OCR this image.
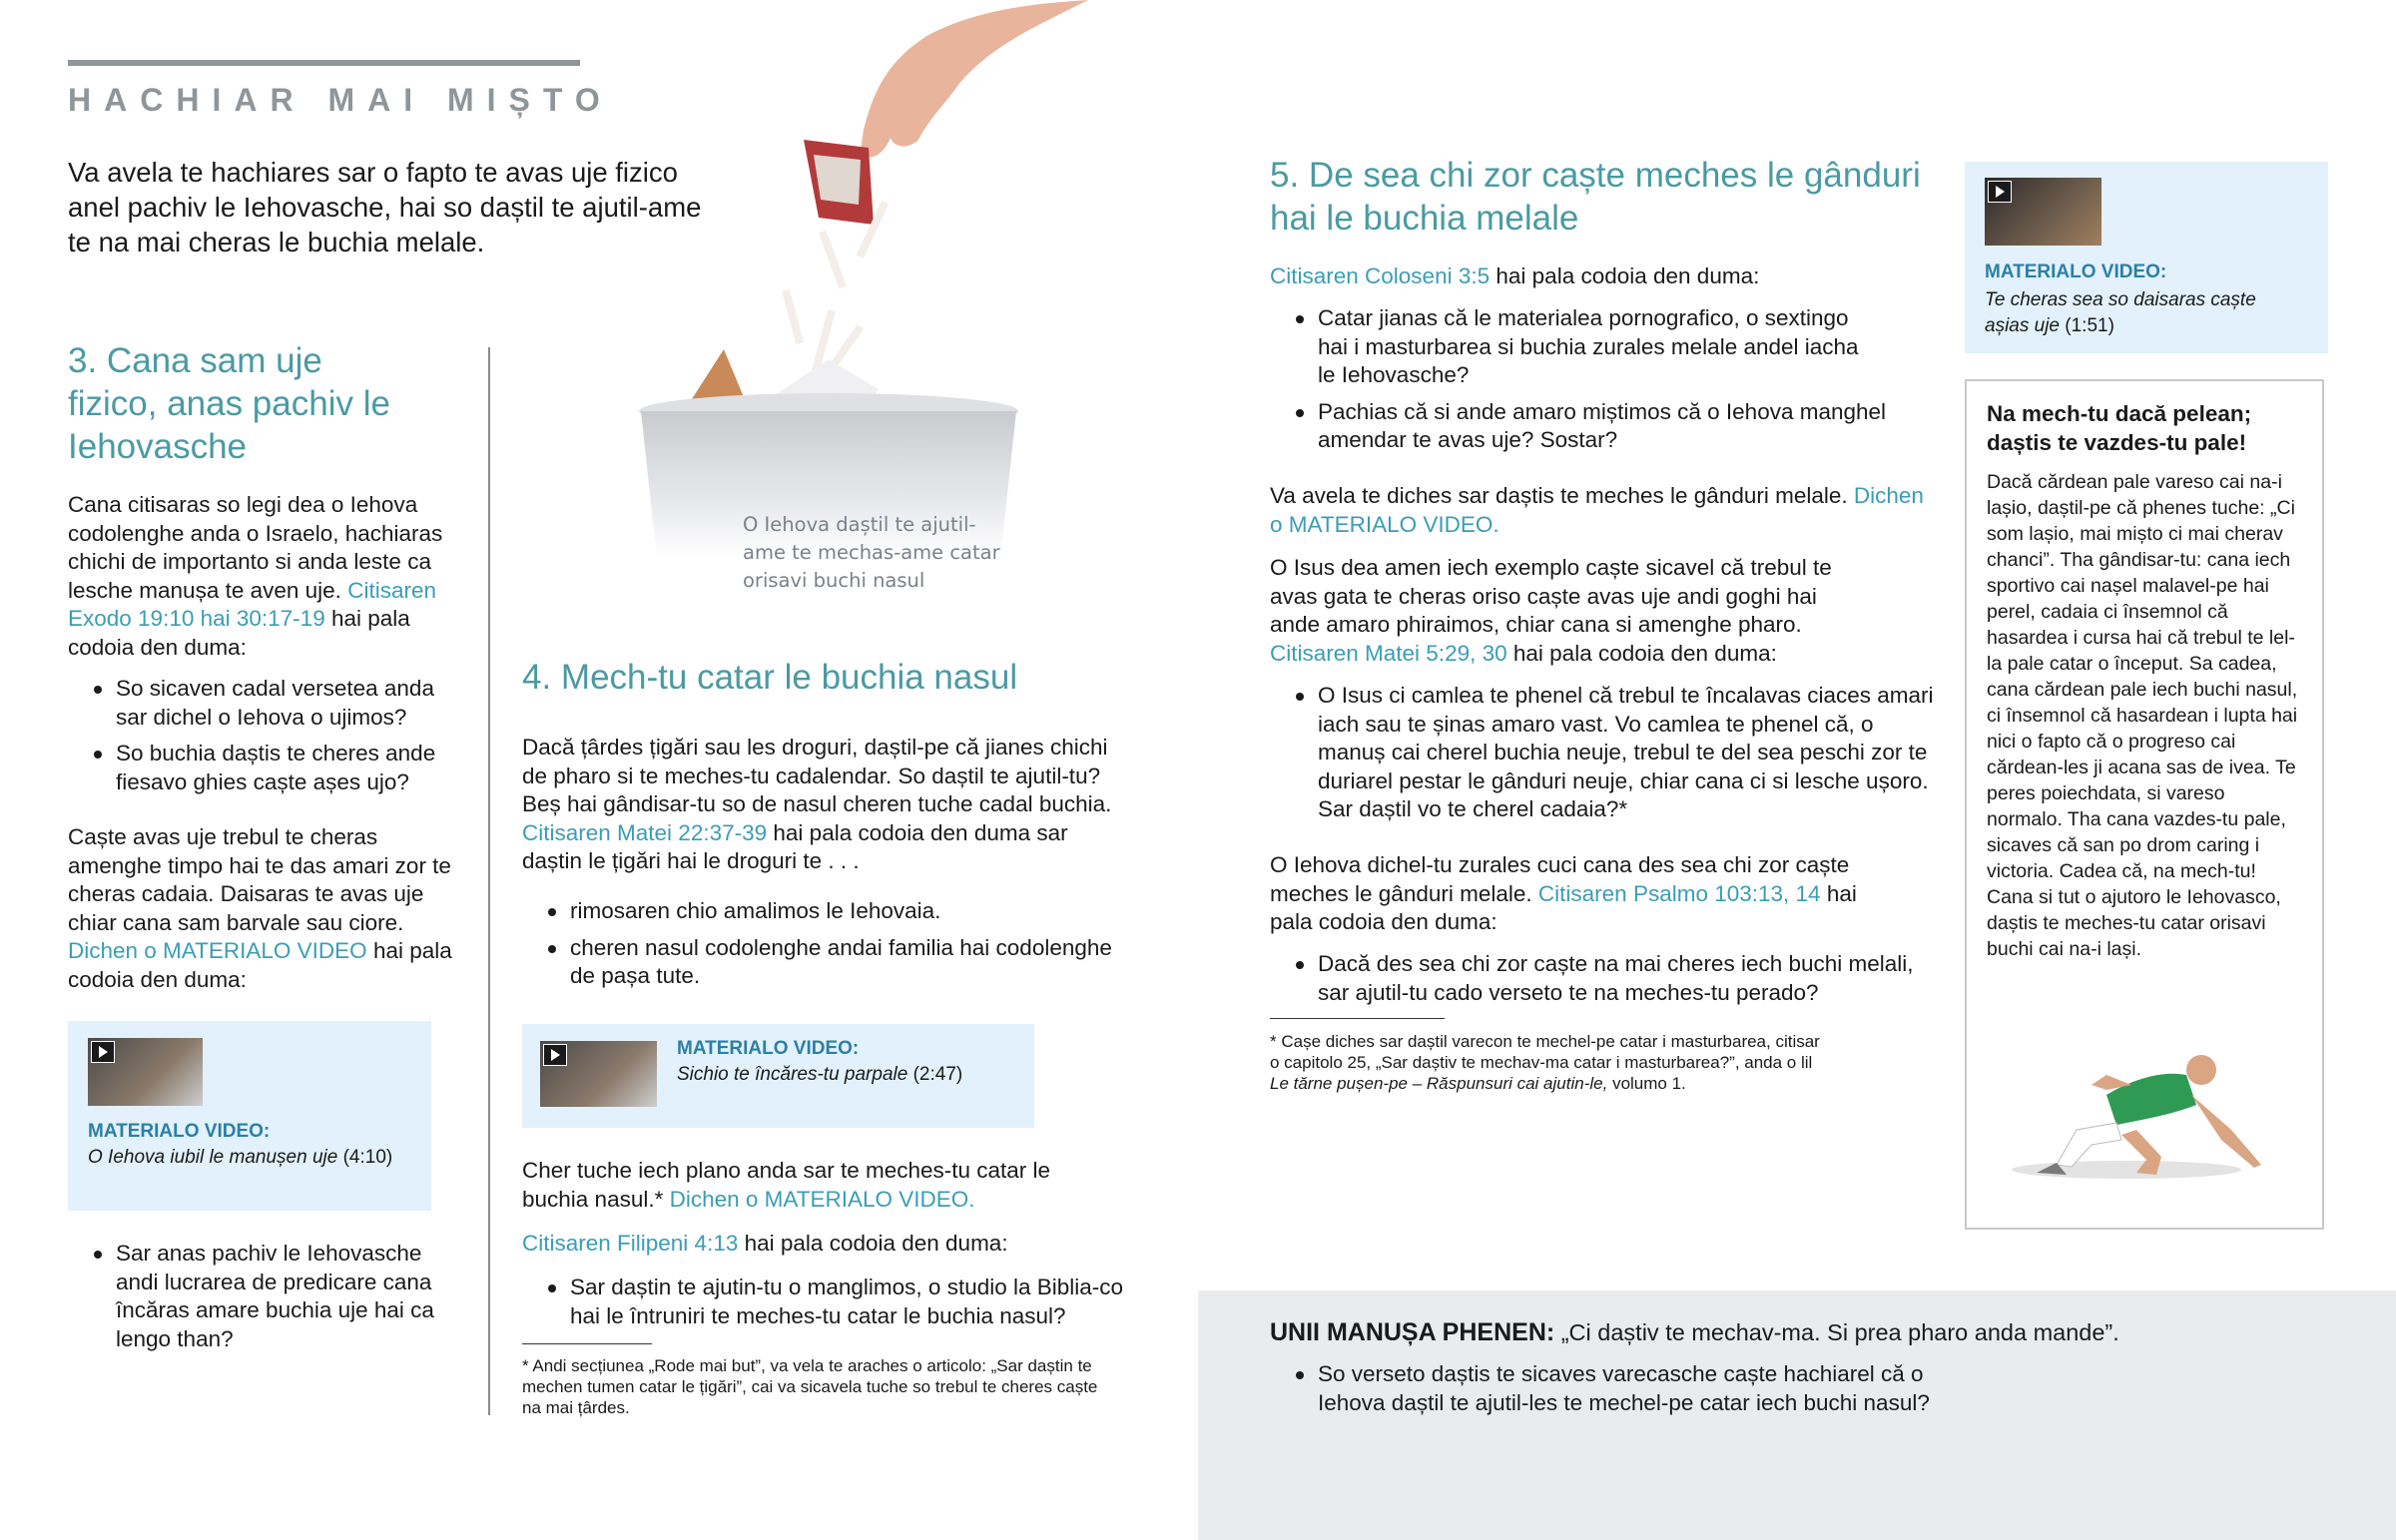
HACHIAR MAI MIȘTO

Va avela te hachiares sar o fapto te avas uje fizico anel pachiv le Iehovasche, hai so daștil te ajutil-ame te na mai cheras le buchia melale.

O Iehova daștil te ajutil-ame te mechas-ame catar orisavi buchi nasul

3. Cana sam uje fizico, anas pachiv le Iehovasche

Cana citisaras so legi dea o Iehova codolenghe anda o Israelo, hachiaras chichi de importanto si anda leste ca lesche manușa te aven uje. Citisaren Exodo 19:10 hai 30:17-19 hai pala codoia den duma:

So sicaven cadal versetea anda sar dichel o Iehova o ujimos?
So buchia daștis te cheres ande fiesavo ghies caște așes ujo?

Caște avas uje trebul te cheras amenghe timpo hai te das amari zor te cheras cadaia. Daisaras te avas uje chiar cana sam barvale sau ciore. Dichen o MATERIALO VIDEO hai pala codoia den duma:

MATERIALO VIDEO:
O Iehova iubil le manușen uje (4:10)
Sar anas pachiv le Iehovasche andi lucrarea de predicare cana încăras amare buchia uje hai ca lengo than?
4. Mech-tu catar le buchia nasul

Dacă țârdes țigări sau les droguri, daștil-pe că jianes chichi de pharo si te meches-tu cadalendar. So daștil te ajutil-tu? Beș hai gândisar-tu so de nasul cheren tuche cadal buchia. Citisaren Matei 22:37-39 hai pala codoia den duma sar daștin le țigări hai le droguri te . . .

rimosaren chio amalimos le Iehovaia.
cheren nasul codolenghe andai familia hai codolenghe de pașa tute.
MATERIALO VIDEO:
Sichio te încăres-tu parpale (2:47)

Cher tuche iech plano anda sar te meches-tu catar le buchia nasul.* Dichen o MATERIALO VIDEO.

Citisaren Filipeni 4:13 hai pala codoia den duma:

Sar daștin te ajutin-tu o manglimos, o studio la Biblia-co hai le întruniri te meches-tu catar le buchia nasul?

* Andi secțiunea „Rode mai but”, va vela te araches o articolo: „Sar daștin te mechen tumen catar le țigări”, cai va sicavela tuche so trebul te cheres caște na mai țârdes.

5. De sea chi zor caște meches le gânduri hai le buchia melale

Citisaren Coloseni 3:5 hai pala codoia den duma:

Catar jianas că le materialea pornografico, o sextingo hai i masturbarea si buchia zurales melale andel iacha le Iehovasche?
Pachias că si ande amaro miștimos că o Iehova manghel amendar te avas uje? Sostar?

Va avela te diches sar daștis te meches le gânduri melale. Dichen o MATERIALO VIDEO.

O Isus dea amen iech exemplo caște sicavel că trebul te avas gata te cheras oriso caște avas uje andi goghi hai ande amaro phiraimos, chiar cana si amenghe pharo. Citisaren Matei 5:29, 30 hai pala codoia den duma:

O Isus ci camlea te phenel că trebul te încalavas ciaces amari iach sau te șinas amaro vast. Vo camlea te phenel că, o manuș cai cherel buchia neuje, trebul te del sea peschi zor te duriarel pestar le gânduri neuje, chiar cana ci si lesche ușoro. Sar daștil vo te cherel cadaia?*

O Iehova dichel-tu zurales cuci cana des sea chi zor caște meches le gânduri melale. Citisaren Psalmo 103:13, 14 hai pala codoia den duma:

Dacă des sea chi zor caște na mai cheres iech buchi melali, sar ajutil-tu cado verseto te na meches-tu perado?
* Cașe diches sar daștil varecon te mechel-pe catar i masturbarea, citisar
o capitolo 25, „Sar daștiv te mechav-ma catar i masturbarea?”, anda o lil
Le tărne pușen-pe – Răspunsuri cai ajutin-le, volumo 1.
MATERIALO VIDEO:
Te cheras sea so daisaras caște așias uje (1:51)
Na mech-tu dacă pelean; daștis te vazdes-tu pale!
Dacă cărdean pale vareso cai na-i lașio, daștil-pe că phenes tuche: „Ci som lașio, mai mișto ci mai cherav chanci”. Tha gândisar-tu: cana iech sportivo cai nașel malavel-pe hai perel, cadaia ci însemnol că hasardea i cursa hai că trebul te lel-la pale catar o început. Sa cadea, cana cărdean pale iech buchi nasul, ci însemnol că hasardean i lupta hai nici o fapto că o progreso cai cărdean-les ji acana sas de ivea. Te peres poiechdata, si vareso normalo. Tha cana vazdes-tu pale, sicaves că san po drom caring i victoria. Cadea că, na mech-tu! Cana si tut o ajutoro le Iehovasco, daștis te meches-tu catar orisavi buchi cai na-i lași.
UNII MANUȘA PHENEN: „Ci daștiv te mechav-ma. Si prea pharo anda mande”.
So verseto daștis te sicaves varecasche caște hachiarel că o Iehova daștil te ajutil-les te mechel-pe catar iech buchi nasul?
